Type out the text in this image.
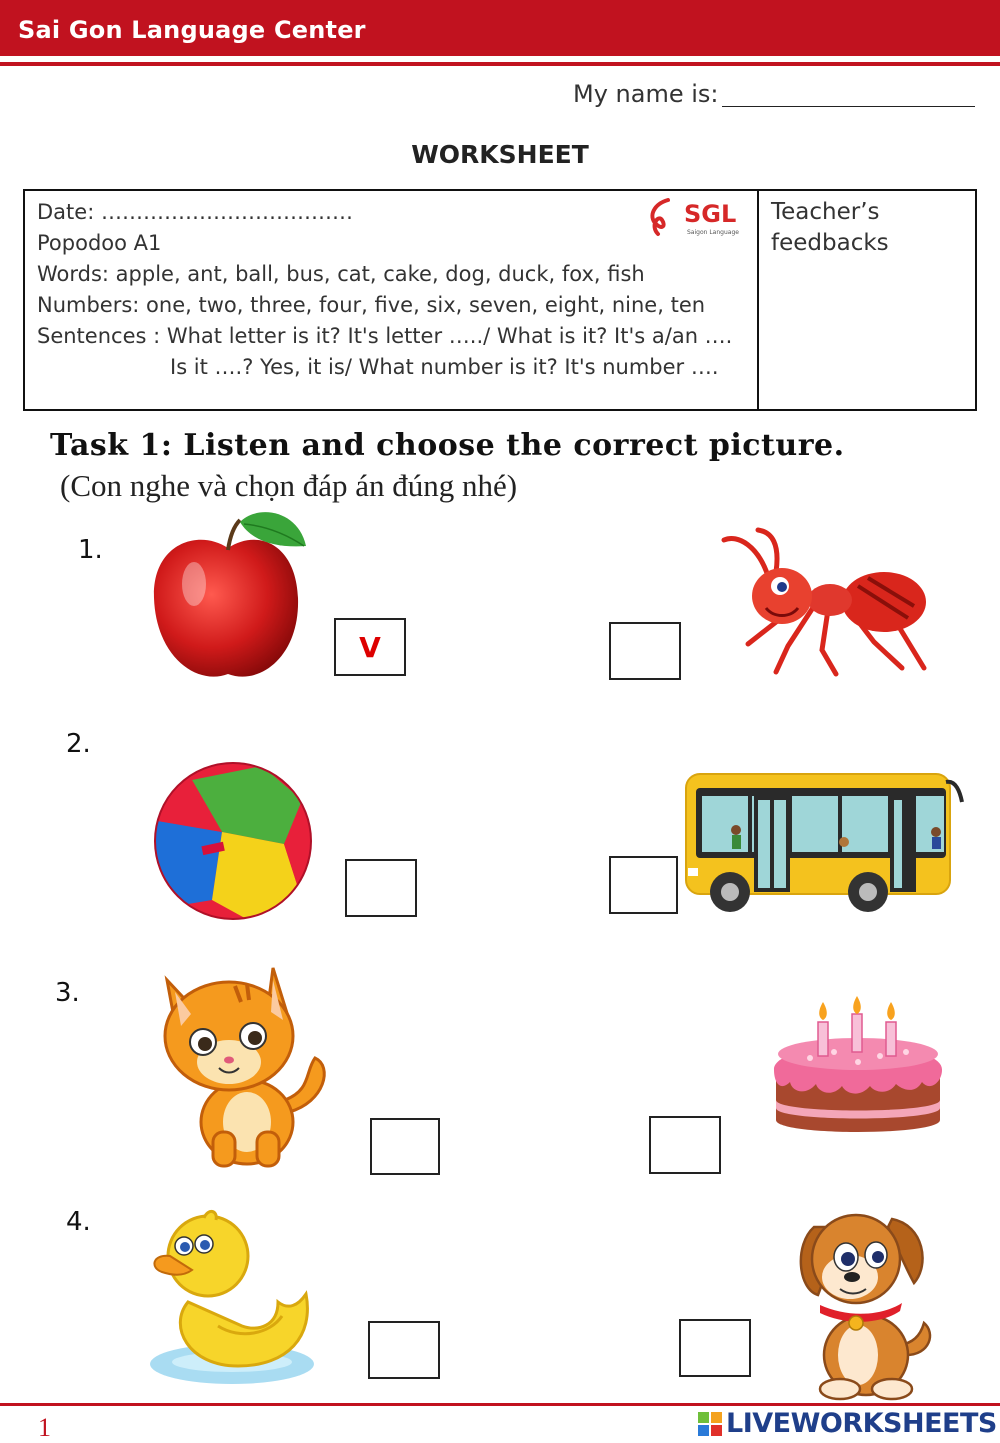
Sai Gon Language Center
My name is:
WORKSHEET
Date: ………………………………
Popodoo A1
Words: apple, ant, ball, bus, cat, cake, dog, duck, fox, fish
Numbers: one, two, three, four, five, six, seven, eight, nine, ten
Sentences : What letter is it? It's letter …../ What is it? It's a/an ….
Is it ….? Yes, it is/ What number is it? It's number ….
Teacher’s
feedbacks
SGL
Saigon Language
Task 1: Listen and choose the correct picture.
(Con nghe và chọn đáp án đúng nhé)
1.
V
2.
3.
4.
1	LIVEWORKSHEETS
